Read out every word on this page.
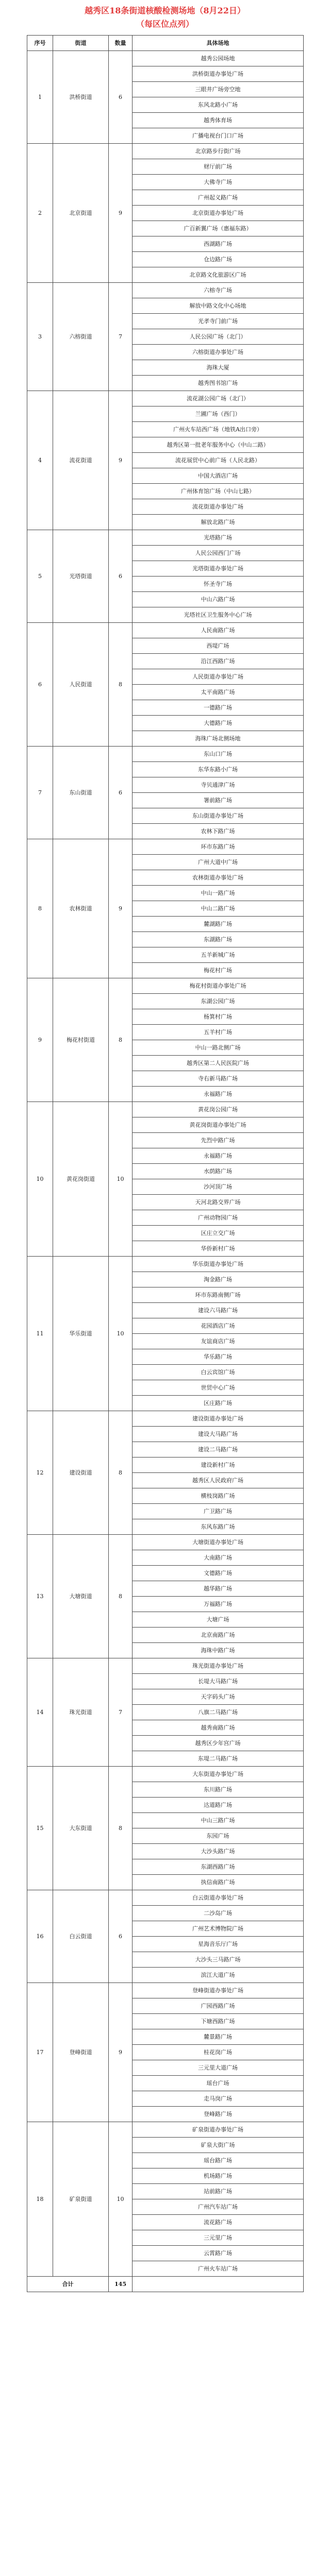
越秀区18条街道核酸检测场地（8月22日）
（每区位点列）
序号	街道	数量	具体场地
1	洪桥街道	6	越秀公园场地
			洪桥街道办事处广场
			三眼井广场旁空地
			东风北路小广场
			越秀体育场
			广播电视台门口广场
2	北京街道	9	北京路步行街广场
			财厅前广场
			大佛寺广场
			广州起义路广场
			北京街道办事处广场
			广百新翼广场（惠福东路）
			西湖路广场
			仓边路广场
			北京路文化旅游区广场
3	六榕街道	7	六榕寺广场
			解放中路文化中心场地
			光孝寺门前广场
			人民公园广场（北门）
			六榕街道办事处广场
			海珠大厦
			越秀图书馆广场
4	流花街道	9	流花湖公园广场（北门）
			兰圃广场（西门）
			广州火车站西广场（地铁A出口旁）
			越秀区第一批老年服务中心（中山二路）
			流花展贸中心前广场（人民北路）
			中国大酒店广场
			广州体育馆广场（中山七路）
			流花街道办事处广场
			解放北路广场
5	光塔街道	6	光塔路广场
			人民公园西门广场
			光塔街道办事处广场
			怀圣寺广场
			中山六路广场
			光塔社区卫生服务中心广场
6	人民街道	8	人民南路广场
			西堤广场
			沿江西路广场
			人民街道办事处广场
			太平南路广场
			一德路广场
			大德路广场
			海珠广场北侧场地
7	东山街道	6	东山口广场
			东华东路小广场
			寺贝通津广场
			署前路广场
			东山街道办事处广场
			农林下路广场
8	农林街道	9	环市东路广场
			广州大道中广场
			农林街道办事处广场
			中山一路广场
			中山二路广场
			麓湖路广场
			东湖路广场
			五羊新城广场
			梅花村广场
9	梅花村街道	8	梅花村街道办事处广场
			东湖公园广场
			杨箕村广场
			五羊村广场
			中山一路北侧广场
			越秀区第二人民医院广场
			寺右新马路广场
			永福路广场
10	黄花岗街道	10	黄花岗公园广场
			黄花岗街道办事处广场
			先烈中路广场
			永福路广场
			水荫路广场
			沙河顶广场
			天河北路交界广场
			广州动物园广场
			区庄立交广场
			华侨新村广场
11	华乐街道	10	华乐街道办事处广场
			淘金路广场
			环市东路南侧广场
			建设六马路广场
			花园酒店广场
			友谊商店广场
			华乐路广场
			白云宾馆广场
			世贸中心广场
			区庄路广场
12	建设街道	8	建设街道办事处广场
			建设大马路广场
			建设二马路广场
			建设新村广场
			越秀区人民政府广场
			横枝岗路广场
			广卫路广场
			东风东路广场
13	大塘街道	8	大塘街道办事处广场
			大南路广场
			文德路广场
			越华路广场
			万福路广场
			大塘广场
			北京南路广场
			海珠中路广场
14	珠光街道	7	珠光街道办事处广场
			长堤大马路广场
			天字码头广场
			八旗二马路广场
			越秀南路广场
			越秀区少年宫广场
			东堤二马路广场
15	大东街道	8	大东街道办事处广场
			东川路广场
			达道路广场
			中山三路广场
			东园广场
			大沙头路广场
			东湖西路广场
			执信南路广场
16	白云街道	6	白云街道办事处广场
			二沙岛广场
			广州艺术博物院广场
			星海音乐厅广场
			大沙头三马路广场
			滨江大道广场
17	登峰街道	9	登峰街道办事处广场
			广园西路广场
			下塘西路广场
			麓景路广场
			桂花岗广场
			三元里大道广场
			瑶台广场
			走马岗广场
			登峰路广场
18	矿泉街道	10	矿泉街道办事处广场
			矿泉大街广场
			瑶台路广场
			机场路广场
			站前路广场
			广州汽车站广场
			流花路广场
			三元里广场
			云霄路广场
			广州火车站广场
合计		145	
